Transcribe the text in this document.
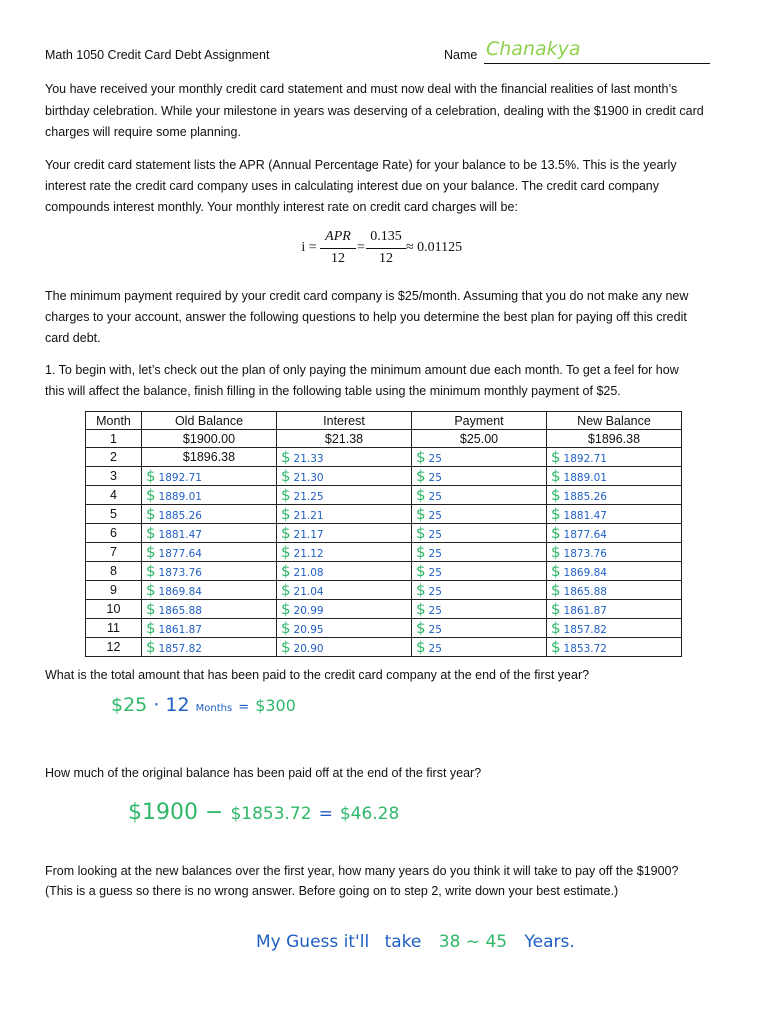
Math 1050 Credit Card Debt Assignment	Name Chanakya
You have received your monthly credit card statement and must now deal with the financial realities of last month’s
birthday celebration. While your milestone in years was deserving of a celebration, dealing with the $1900 in credit card
charges will require some planning.
Your credit card statement lists the APR (Annual Percentage Rate) for your balance to be 13.5%. This is the yearly
interest rate the credit card company uses in calculating interest due on your balance. The credit card company
compounds interest monthly. Your monthly interest rate on credit card charges will be:
i =
APR
12
=
0.135
12
≈ 0.01125
The minimum payment required by your credit card company is $25/month. Assuming that you do not make any new
charges to your account, answer the following questions to help you determine the best plan for paying off this credit
card debt.
1. To begin with, let’s check out the plan of only paying the minimum amount due each month. To get a feel for how
this will affect the balance, finish filling in the following table using the minimum monthly payment of $25.
Month	Old Balance	Interest	Payment	New Balance
1	$1900.00	$21.38	$25.00	$1896.38
2	$1896.38	$ 21.33	$ 25	$ 1892.71
3	$ 1892.71	$ 21.30	$ 25	$ 1889.01
4	$ 1889.01	$ 21.25	$ 25	$ 1885.26
5	$ 1885.26	$ 21.21	$ 25	$ 1881.47
6	$ 1881.47	$ 21.17	$ 25	$ 1877.64
7	$ 1877.64	$ 21.12	$ 25	$ 1873.76
8	$ 1873.76	$ 21.08	$ 25	$ 1869.84
9	$ 1869.84	$ 21.04	$ 25	$ 1865.88
10	$ 1865.88	$ 20.99	$ 25	$ 1861.87
11	$ 1861.87	$ 20.95	$ 25	$ 1857.82
12	$ 1857.82	$ 20.90	$ 25	$ 1853.72
What is the total amount that has been paid to the credit card company at the end of the first year?
$25 · 12 Months = $300
How much of the original balance has been paid off at the end of the first year?
$1900 − $1853.72 = $46.28
From looking at the new balances over the first year, how many years do you think it will take to pay off the $1900?
(This is a guess so there is no wrong answer. Before going on to step 2, write down your best estimate.)
My Guess it'll take 38 ~ 45 Years.
